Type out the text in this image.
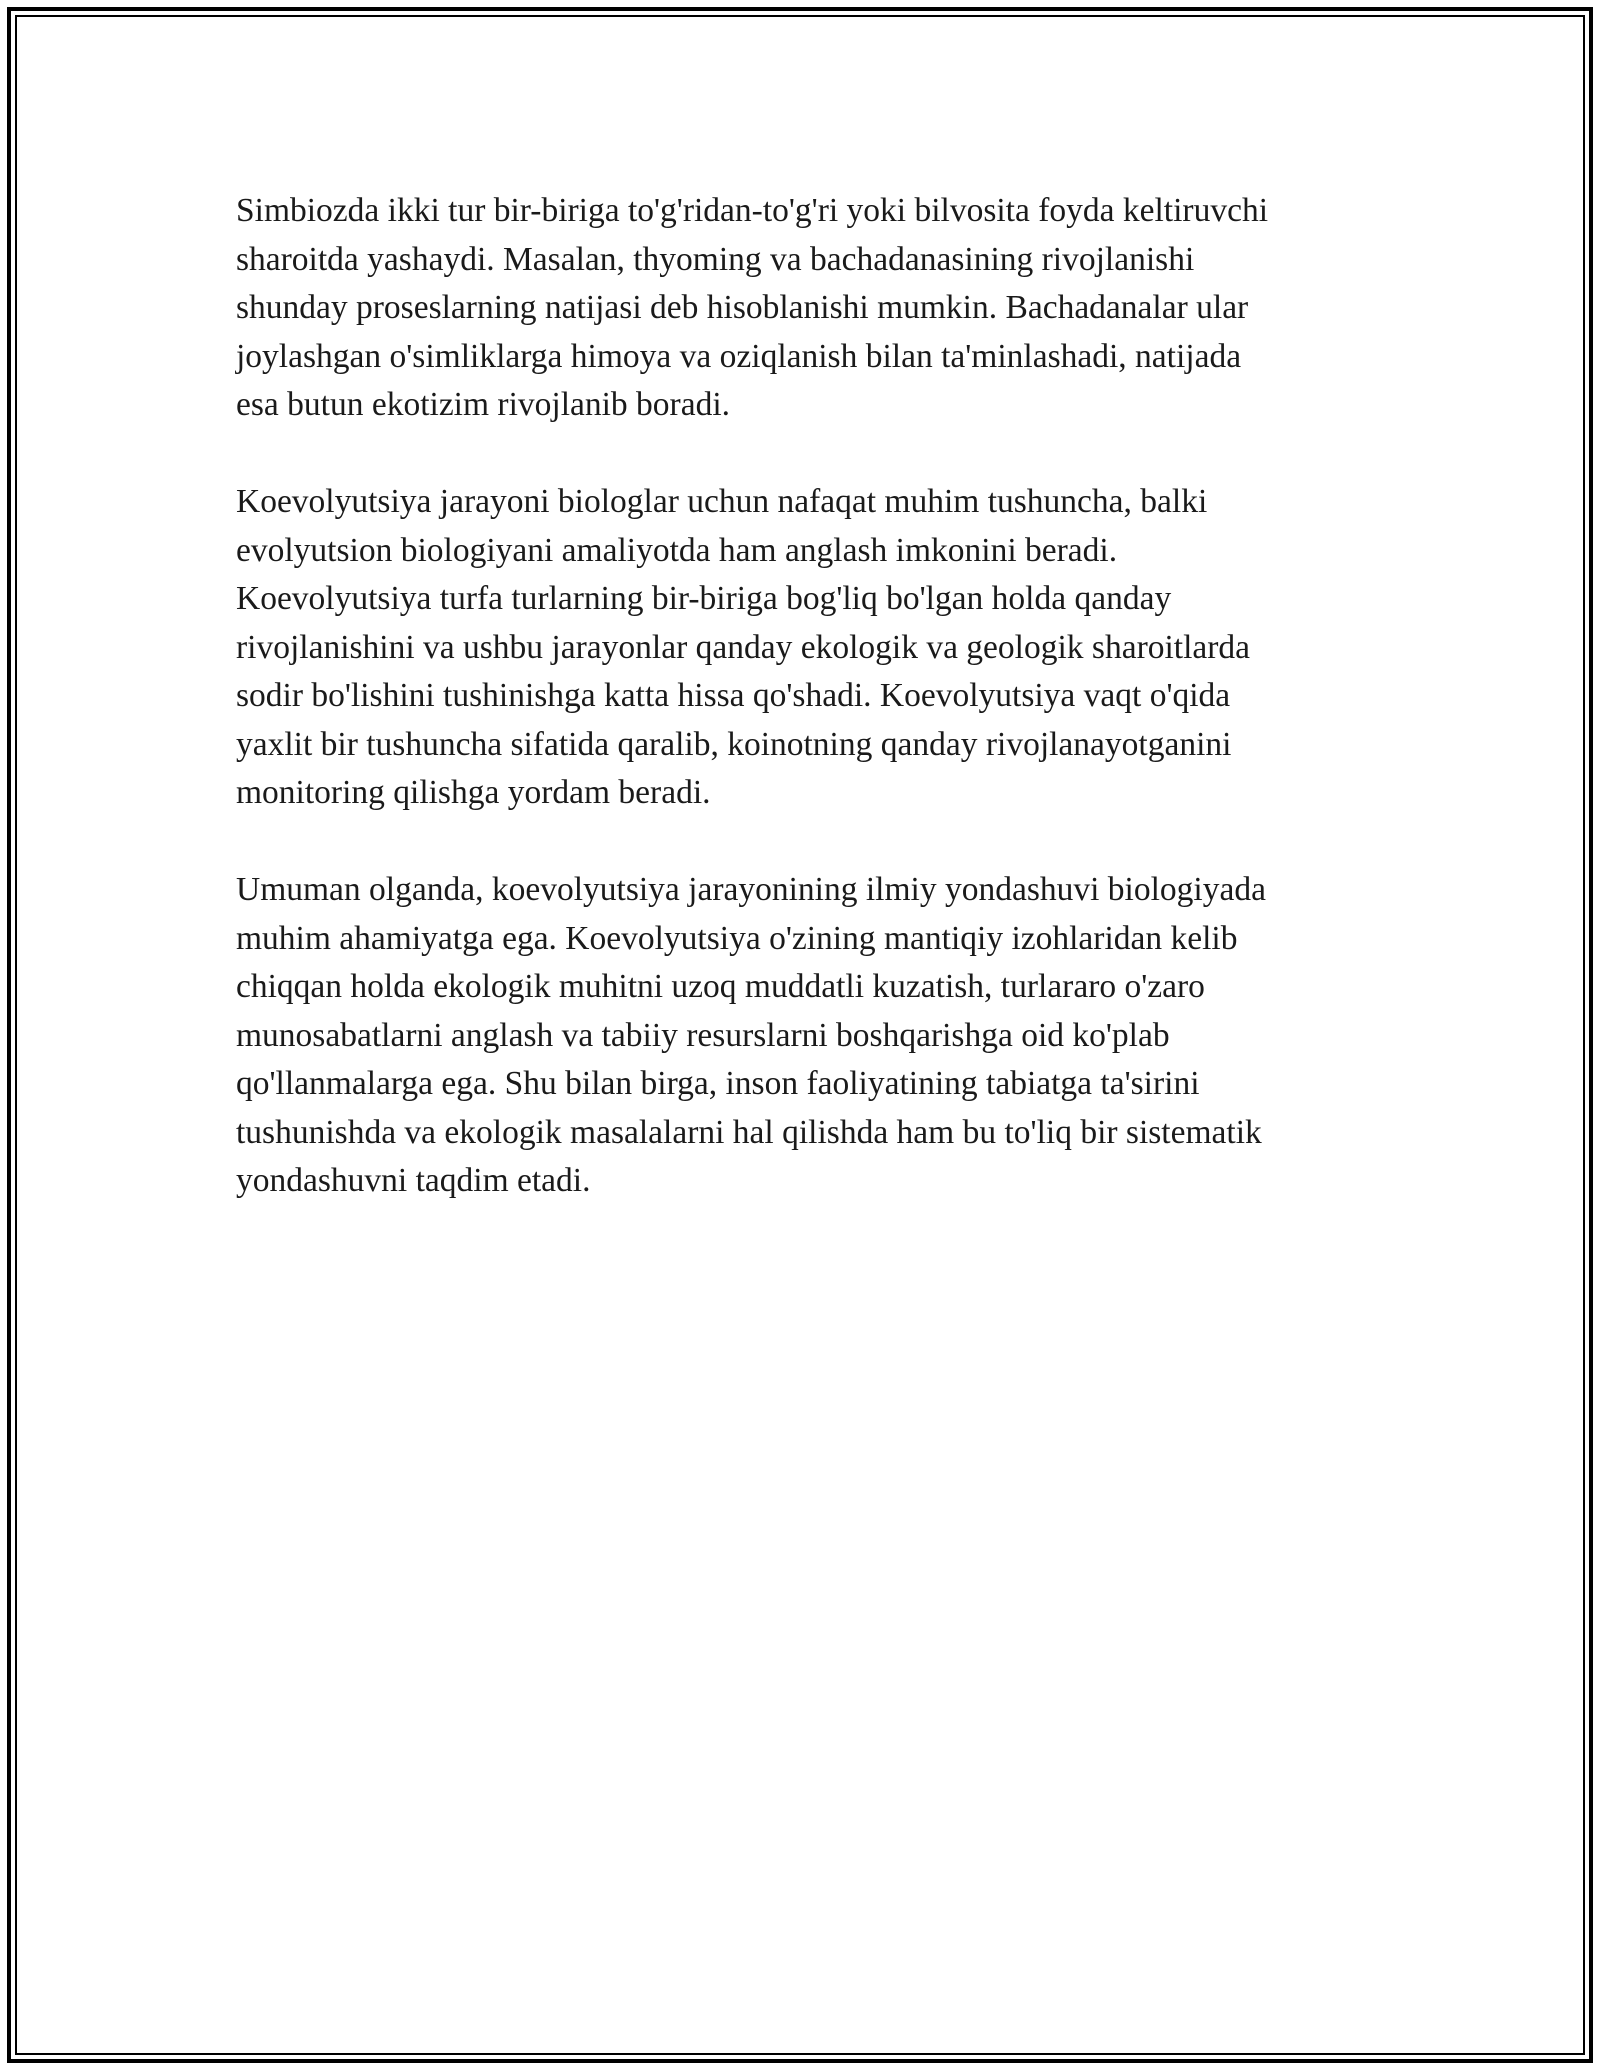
Simbiozda ikki tur bir-biriga to'g'ridan-to'g'ri yoki bilvosita foyda keltiruvchi
sharoitda yashaydi. Masalan, thyoming va bachadanasining rivojlanishi
shunday proseslarning natijasi deb hisoblanishi mumkin. Bachadanalar ular
joylashgan o'simliklarga himoya va oziqlanish bilan ta'minlashadi, natijada
esa butun ekotizim rivojlanib boradi.

Koevolyutsiya jarayoni biologlar uchun nafaqat muhim tushuncha, balki
evolyutsion biologiyani amaliyotda ham anglash imkonini beradi.
Koevolyutsiya turfa turlarning bir-biriga bog'liq bo'lgan holda qanday
rivojlanishini va ushbu jarayonlar qanday ekologik va geologik sharoitlarda
sodir bo'lishini tushinishga katta hissa qo'shadi. Koevolyutsiya vaqt o'qida
yaxlit bir tushuncha sifatida qaralib, koinotning qanday rivojlanayotganini
monitoring qilishga yordam beradi.

Umuman olganda, koevolyutsiya jarayonining ilmiy yondashuvi biologiyada
muhim ahamiyatga ega. Koevolyutsiya o'zining mantiqiy izohlaridan kelib
chiqqan holda ekologik muhitni uzoq muddatli kuzatish, turlararo o'zaro
munosabatlarni anglash va tabiiy resurslarni boshqarishga oid ko'plab
qo'llanmalarga ega. Shu bilan birga, inson faoliyatining tabiatga ta'sirini
tushunishda va ekologik masalalarni hal qilishda ham bu to'liq bir sistematik
yondashuvni taqdim etadi.
